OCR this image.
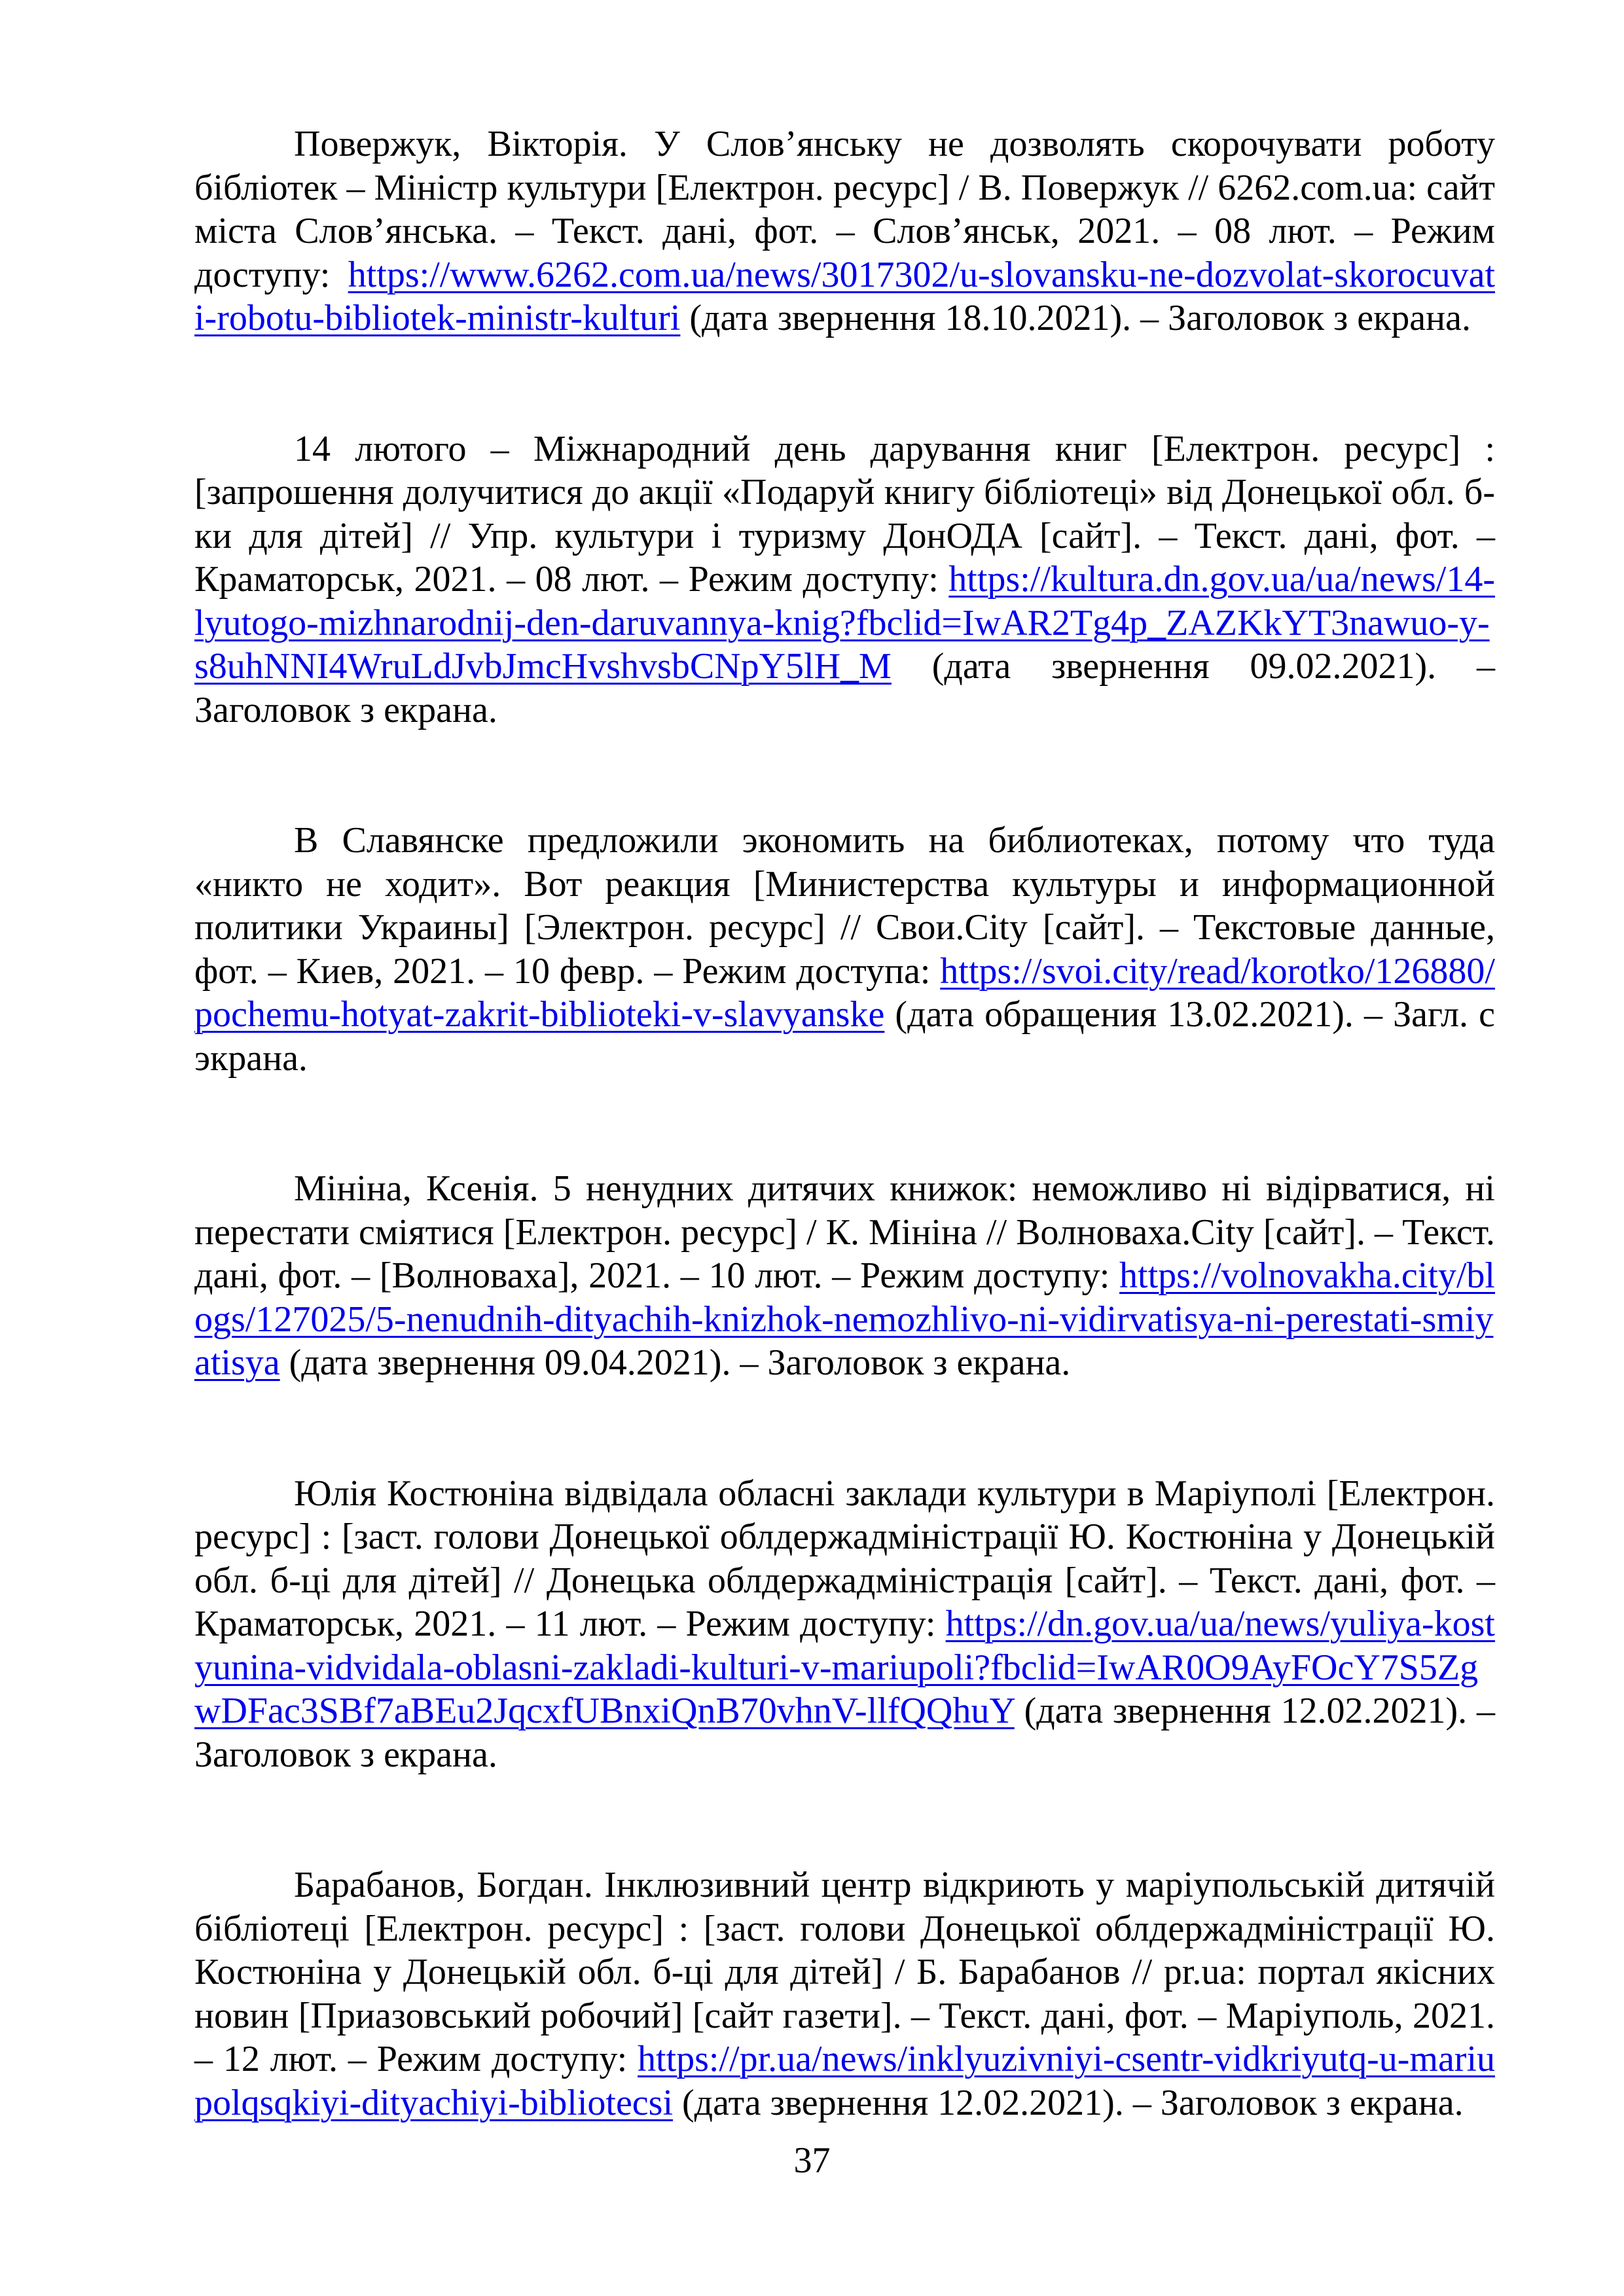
Повержук, Вікторія. У Слов’янську не дозволять скорочувати роботу бібліотек – Міністр культури [Електрон. ресурс] / В. Повержук // 6262.com.ua: сайт міста Слов’янська. – Текст. дані, фот. – Слов’янськ, 2021. – 08 лют. – Режим доступу: https://www.6262.com.ua/news/3017302/u-slovansku-ne-dozvolat-skorocuvati-robotu-bibliotek-ministr-kulturi (дата звернення 18.10.2021). – Заголовок з екрана.

14 лютого – Міжнародний день дарування книг [Електрон. ресурс] : [запрошення долучитися до акції «Подаруй книгу бібліотеці» від Донецької обл. б-ки для дітей] // Упр. культури і туризму ДонОДА [сайт]. – Текст. дані, фот. – Краматорськ, 2021. – 08 лют. – Режим доступу: https://kultura.dn.gov.ua/ua/news/14-lyutogo-mizhnarodnij-den-daruvannya-knig?fbclid=IwAR2Tg4p_ZAZKkYT3nawuo-y-s8uhNNI4WruLdJvbJmcHvshvsbCNpY5lH_M (дата звернення 09.02.2021). – Заголовок з екрана.

В Славянске предложили экономить на библиотеках, потому что туда «никто не ходит». Вот реакция [Министерства культуры и информационной политики Украины] [Электрон. ресурс] // Свои.City [сайт]. – Текстовые данные, фот. – Киев, 2021. – 10 февр. – Режим доступа: https://svoi.city/read/korotko/126880/pochemu-hotyat-zakrit-biblioteki-v-slavyanske (дата обращения 13.02.2021). – Загл. с экрана.

Мініна, Ксенія. 5 ненудних дитячих книжок: неможливо ні відірватися, ні перестати сміятися [Електрон. ресурс] / К. Мініна // Волноваха.City [сайт]. – Текст. дані, фот. – [Волноваха], 2021. – 10 лют. – Режим доступу: https://volnovakha.city/blogs/127025/5-nenudnih-dityachih-knizhok-nemozhlivo-ni-vidirvatisya-ni-perestati-smiyatisya (дата звернення 09.04.2021). – Заголовок з екрана.

Юлія Костюніна відвідала обласні заклади культури в Маріуполі [Електрон. ресурс] : [заст. голови Донецької облдержадміністрації Ю. Костюніна у Донецькій обл. б-ці для дітей] // Донецька облдержадміністрація [сайт]. – Текст. дані, фот. – Краматорськ, 2021. – 11 лют. – Режим доступу: https://dn.gov.ua/ua/news/yuliya-kostyunina-vidvidala-oblasni-zakladi-kulturi-v-mariupoli?fbclid=IwAR0O9AyFOcY7S5ZgwDFac3SBf7aBEu2JqcxfUBnxiQnB70vhnV-llfQQhuY (дата звернення 12.02.2021). – Заголовок з екрана.

Барабанов, Богдан. Інклюзивний центр відкриють у маріупольській дитячій бібліотеці [Електрон. ресурс] : [заст. голови Донецької облдержадміністрації Ю. Костюніна у Донецькій обл. б-ці для дітей] / Б. Барабанов // pr.ua: портал якісних новин [Приазовський робочий] [сайт газети]. – Текст. дані, фот. – Маріуполь, 2021. – 12 лют. – Режим доступу: https://pr.ua/news/inklyuzivniyi-csentr-vidkriyutq-u-mariupolqsqkiyi-dityachiyi-bibliotecsi (дата звернення 12.02.2021). – Заголовок з екрана.

37
